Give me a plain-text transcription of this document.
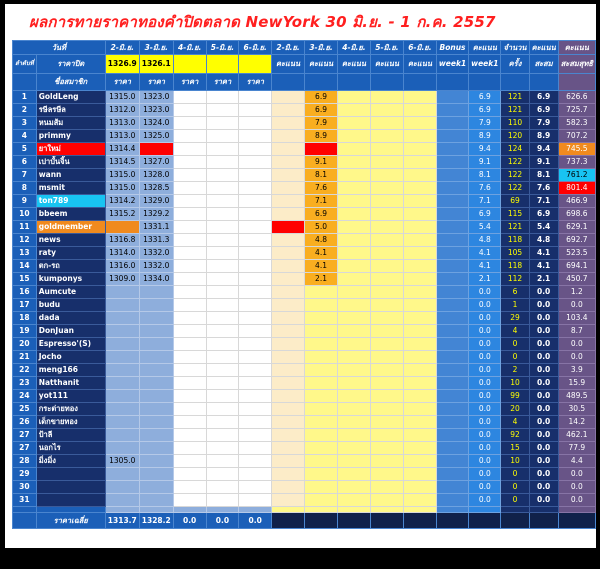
ผลการทายราคาทองคำปิดตลาด NewYork 30 มิ.ย. - 1 ก.ค. 2557
วันที่		2-มิ.ย.	3-มิ.ย.	4-มิ.ย.	5-มิ.ย.	6-มิ.ย.	2-มิ.ย.	3-มิ.ย.	4-มิ.ย.	5-มิ.ย.	6-มิ.ย.	Bonus	คะแนน	จำนวน	คะแนน	คะแนน
ลำดับที่	ราคาปิด	1326.9	1326.1				คะแนน	คะแนน	คะแนน	คะแนน	คะแนน	week1	week1	ครั้ง	สะสม	สะสมสุทธิ
	ชื่อสมาชิก	ราคา	ราคา	ราคา	ราคา	ราคา										
1	GoldLeng	1315.0	1323.0					6.9					6.9	121	6.9	626.6
2	รษีลรษีล	1312.0	1323.0					6.9					6.9	121	6.9	725.7
3	หนมส้ม	1313.0	1324.0					7.9					7.9	110	7.9	582.3
4	primmy	1313.0	1325.0					8.9					8.9	120	8.9	707.2
5	ยาใหม่	1314.4	1325.5					9.4					9.4	124	9.4	745.5
6	เปาบั้นจิ้น	1314.5	1327.0					9.1					9.1	122	9.1	737.3
7	wann	1315.0	1328.0					8.1					8.1	122	8.1	761.2
8	msmit	1315.0	1328.5					7.6					7.6	122	7.6	801.4
9	ton789	1314.2	1329.0					7.1					7.1	69	7.1	466.9
10	bbeem	1315.2	1329.2					6.9					6.9	115	6.9	698.6
11	goldmember	1317.2	1331.1				0.4	5.0					5.4	121	5.4	629.1
12	news	1316.8	1331.3					4.8					4.8	118	4.8	692.7
13	raty	1314.0	1332.0					4.1					4.1	105	4.1	523.5
14	ตก-รถ	1316.0	1332.0					4.1					4.1	118	4.1	694.1
15	kumponys	1309.0	1334.0					2.1					2.1	112	2.1	450.7
16	Aumcute												0.0	6	0.0	1.2
17	budu												0.0	1	0.0	0.0
18	dada												0.0	29	0.0	103.4
19	DonJuan												0.0	4	0.0	8.7
20	Espresso'(S)												0.0	0	0.0	0.0
21	Jocho												0.0	0	0.0	0.0
22	meng166												0.0	2	0.0	3.9
23	Natthanit												0.0	10	0.0	15.9
24	yot111												0.0	99	0.0	489.5
25	กระต่ายทอง												0.0	20	0.0	30.5
26	เด็กขายทอง												0.0	4	0.0	14.2
27	ป้าลี												0.0	92	0.0	462.1
27	นอกไร												0.0	15	0.0	77.9
28	มิ่งมิ่ง	1305.0											0.0	10	0.0	4.4
29													0.0	0	0.0	0.0
30													0.0	0	0.0	0.0
31													0.0	0	0.0	0.0

	ราคาเฉลี่ย	1313.7	1328.2	0.0	0.0	0.0										
[694x638] http://upic.me/
